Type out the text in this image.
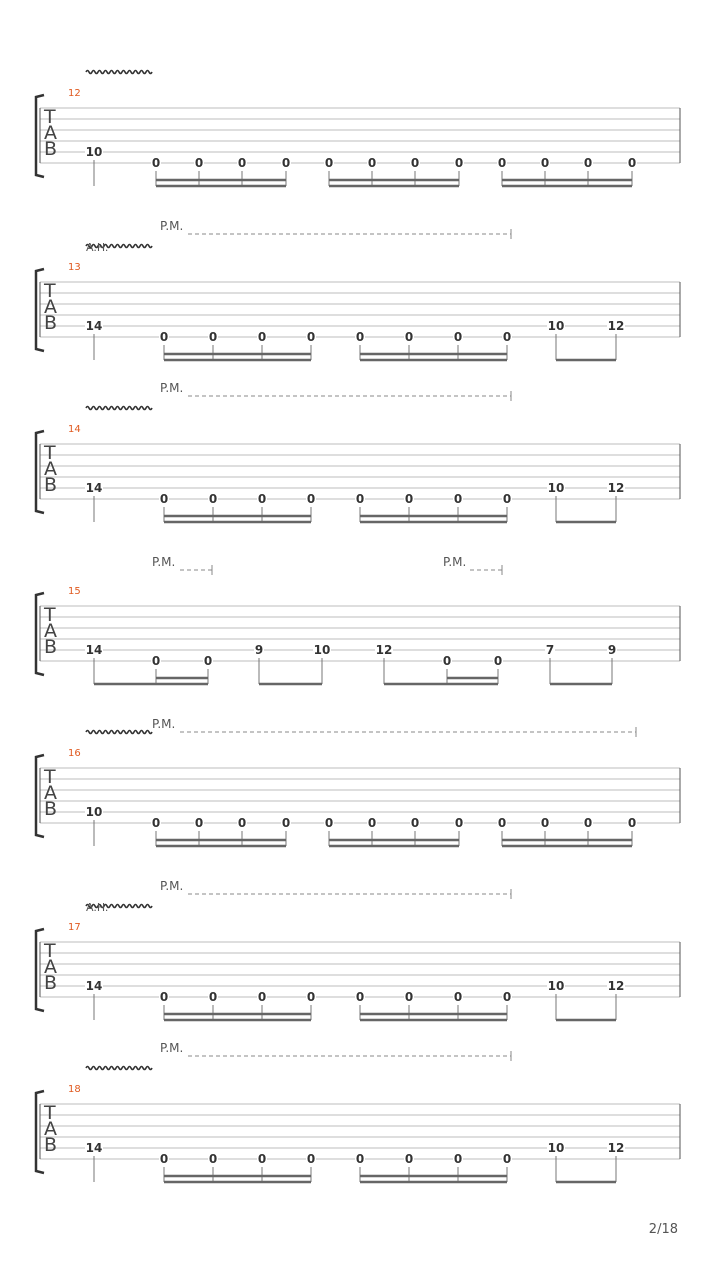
T
A
B
12
10
0	0	0	0	0	0	0	0	0	0	0	0
T
A
B
13
A.H.
P.M.
14
0	0	0	0	0	0	0	0
10	12
T
A
B
14
P.M.
14
0	0	0	0	0	0	0	0
10	12
T
A
B
15
P.M.	P.M.
14
0	0
9	10	12
0	0
7	9
T
A
B
16
P.M.
10
0	0	0	0	0	0	0	0	0	0	0	0
T
A
B
17
A.H.
P.M.
14
0	0	0	0	0	0	0	0
10	12
T
A
B
18
P.M.
14
0	0	0	0	0	0	0	0
10	12
2/18
